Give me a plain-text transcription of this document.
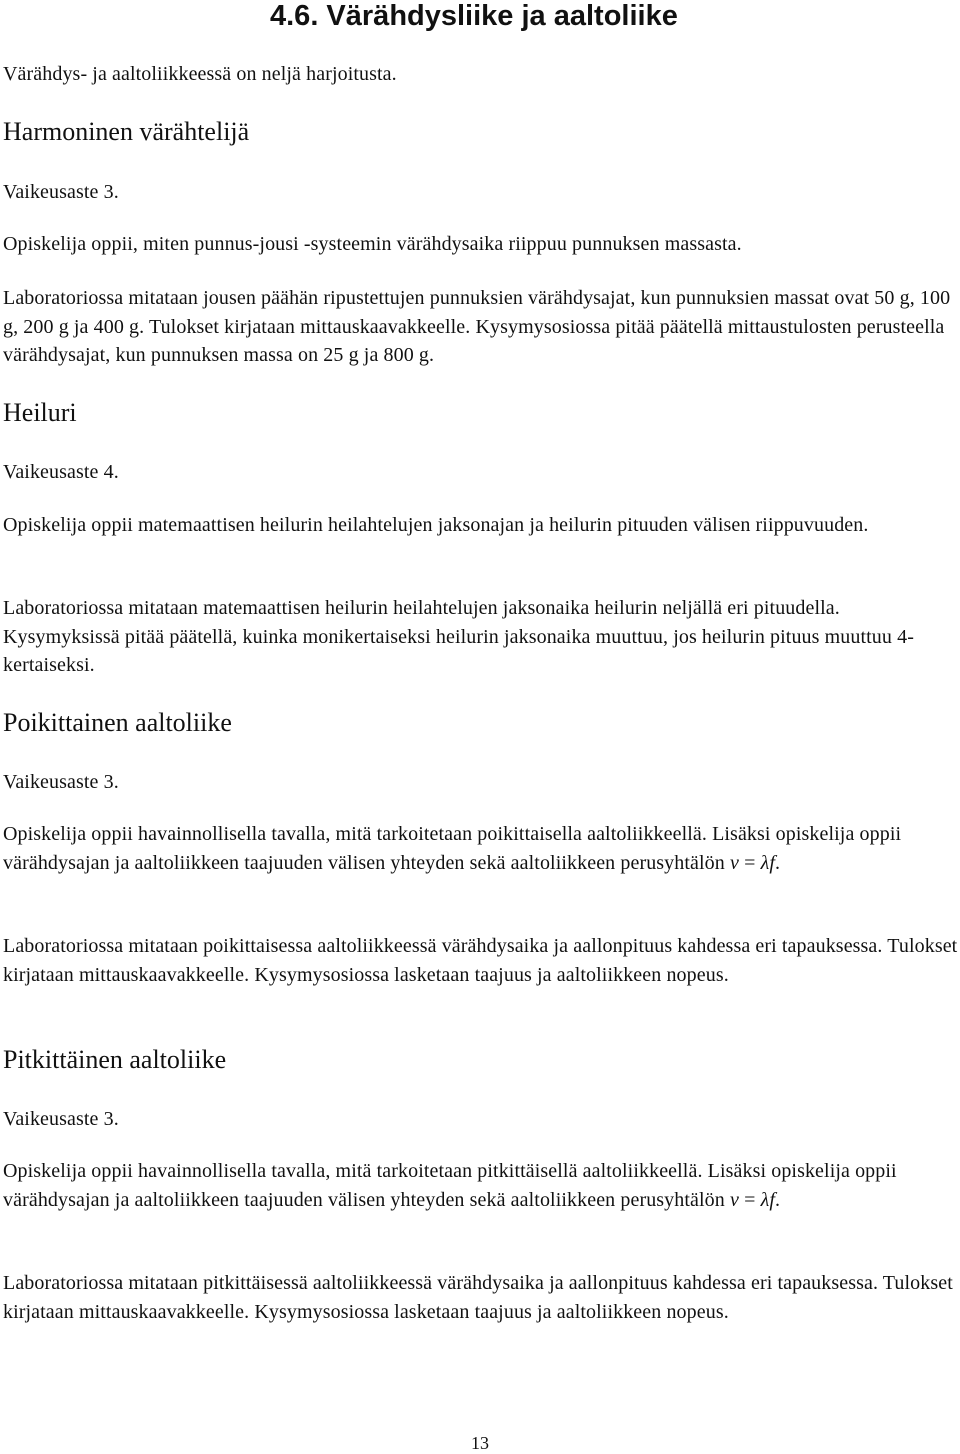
4.6. Värähdysliike ja aaltoliike

Värähdys- ja aaltoliikkeessä on neljä harjoitusta.

Harmoninen värähtelijä

Vaikeusaste 3.

Opiskelija oppii, miten punnus-jousi -systeemin värähdysaika riippuu punnuksen massasta.

Laboratoriossa mitataan jousen päähän ripustettujen punnuksien värähdysajat, kun punnuksien massat ovat 50 g, 100 g, 200 g ja 400 g. Tulokset kirjataan mittauskaavakkeelle. Kysymysosiossa pitää päätellä mittaustulosten perusteella värähdysajat, kun punnuksen massa on 25 g ja 800 g.

Heiluri

Vaikeusaste 4.

Opiskelija oppii matemaattisen heilurin heilahtelujen jaksonajan ja heilurin pituuden välisen riippuvuuden.

Laboratoriossa mitataan matemaattisen heilurin heilahtelujen jaksonaika heilurin neljällä eri pituudella. Kysymyksissä pitää päätellä, kuinka monikertaiseksi heilurin jaksonaika muuttuu, jos heilurin pituus muuttuu 4-kertaiseksi.

Poikittainen aaltoliike

Vaikeusaste 3.

Opiskelija oppii havainnollisella tavalla, mitä tarkoitetaan poikittaisella aaltoliikkeellä. Lisäksi opiskelija oppii värähdysajan ja aaltoliikkeen taajuuden välisen yhteyden sekä aaltoliikkeen perusyhtälön v = λf.

Laboratoriossa mitataan poikittaisessa aaltoliikkeessä värähdysaika ja aallonpituus kahdessa eri tapauksessa. Tulokset kirjataan mittauskaavakkeelle. Kysymysosiossa lasketaan taajuus ja aaltoliikkeen nopeus.

Pitkittäinen aaltoliike

Vaikeusaste 3.

Opiskelija oppii havainnollisella tavalla, mitä tarkoitetaan pitkittäisellä aaltoliikkeellä. Lisäksi opiskelija oppii värähdysajan ja aaltoliikkeen taajuuden välisen yhteyden sekä aaltoliikkeen perusyhtälön v = λf.

Laboratoriossa mitataan pitkittäisessä aaltoliikkeessä värähdysaika ja aallonpituus kahdessa eri tapauksessa. Tulokset kirjataan mittauskaavakkeelle. Kysymysosiossa lasketaan taajuus ja aaltoliikkeen nopeus.

13
